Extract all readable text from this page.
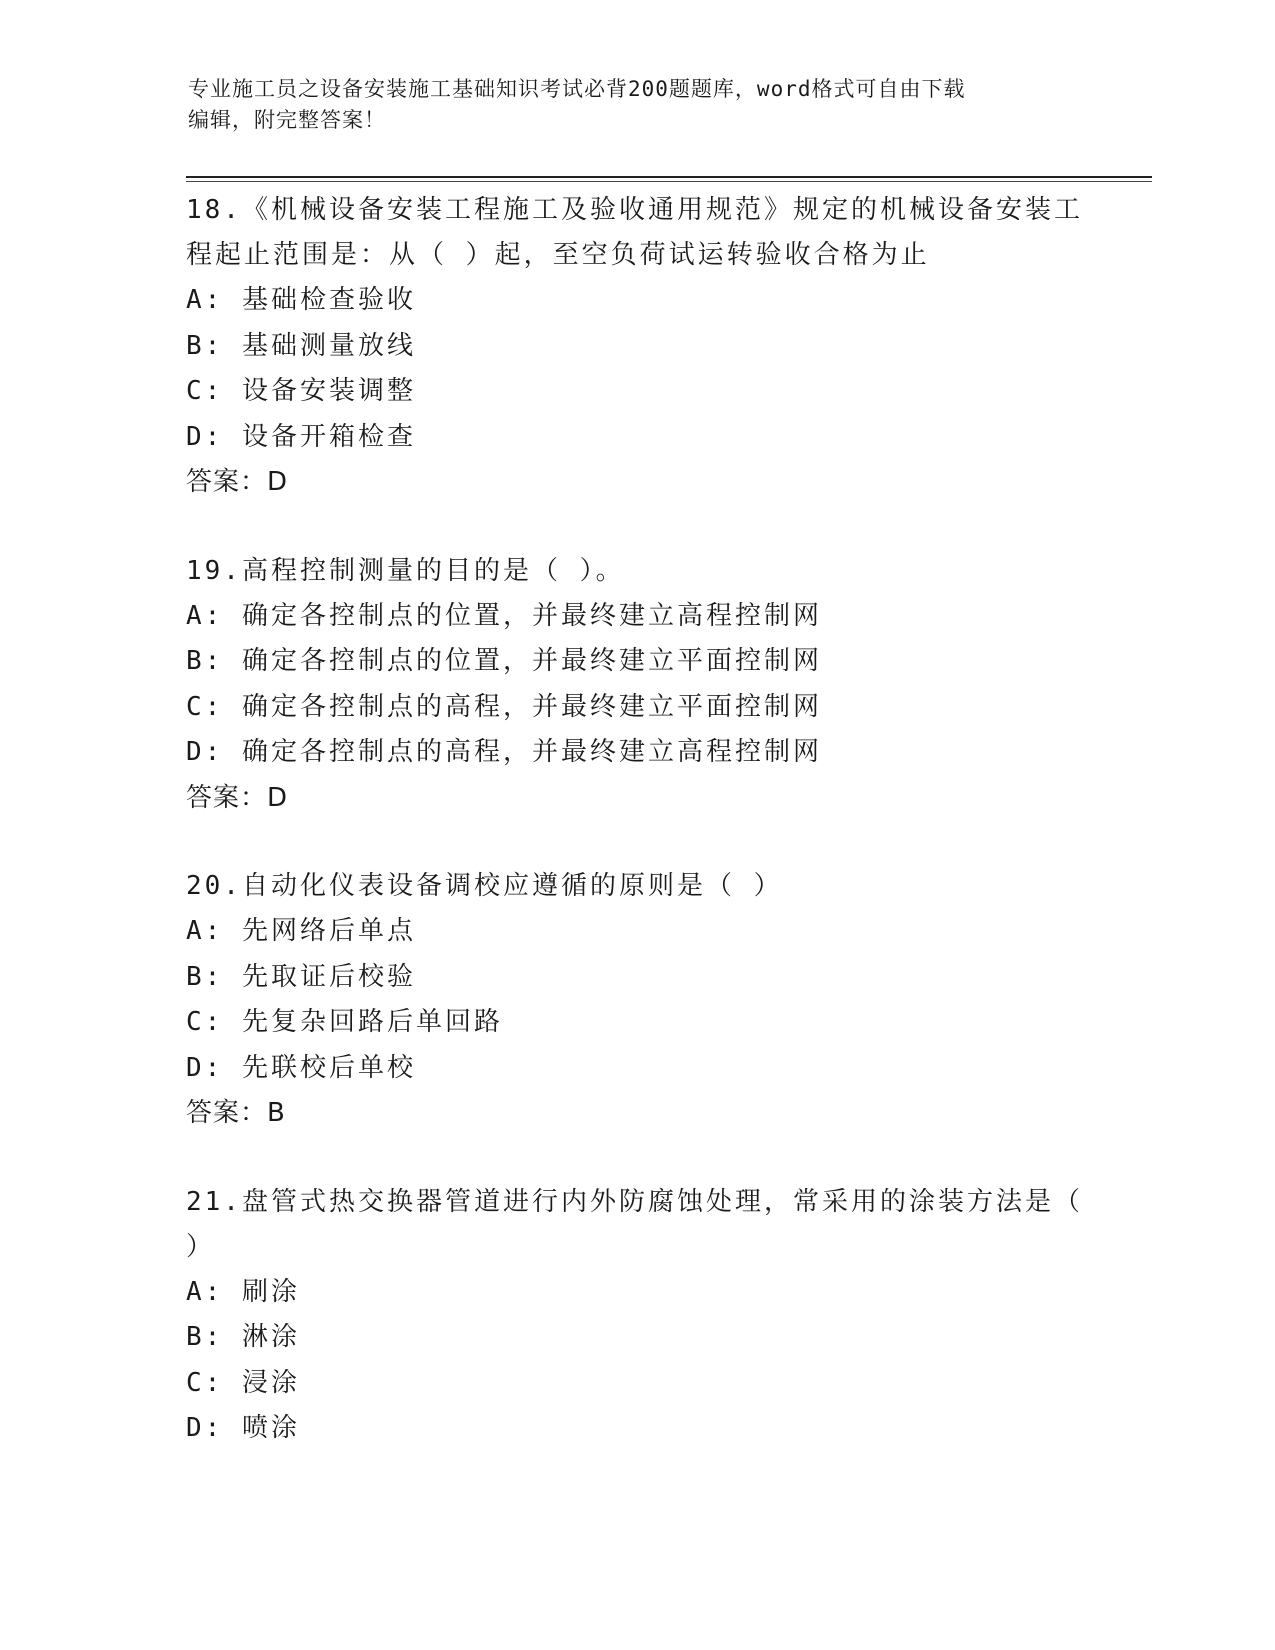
专业施工员之设备安装施工基础知识考试必背200题题库，word格式可自由下载
编辑，附完整答案！
18.《机械设备安装工程施工及验收通用规范》规定的机械设备安装工程起止范围是：从（ ）起，至空负荷试运转验收合格为止
A: 基础检查验收
B: 基础测量放线
C: 设备安装调整
D: 设备开箱检查
答案：D
19.高程控制测量的目的是（ ）。
A: 确定各控制点的位置，并最终建立高程控制网
B: 确定各控制点的位置，并最终建立平面控制网
C: 确定各控制点的高程，并最终建立平面控制网
D: 确定各控制点的高程，并最终建立高程控制网
答案：D
20.自动化仪表设备调校应遵循的原则是（ ）
A: 先网络后单点
B: 先取证后校验
C: 先复杂回路后单回路
D: 先联校后单校
答案：B
21.盘管式热交换器管道进行内外防腐蚀处理，常采用的涂装方法是（ ）
A: 刷涂
B: 淋涂
C: 浸涂
D: 喷涂
